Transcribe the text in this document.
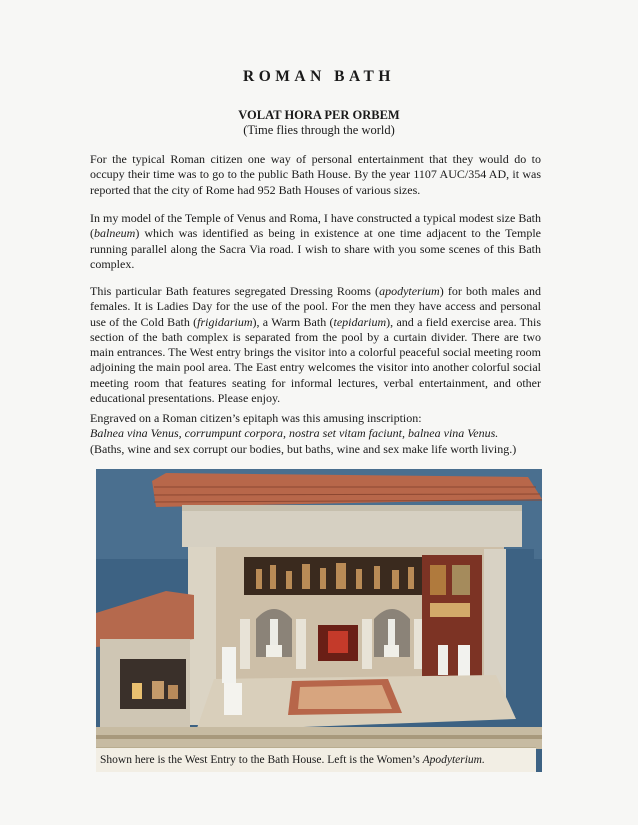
ROMAN BATH
VOLAT HORA PER ORBEM
(Time flies through the world)

For the typical Roman citizen one way of personal entertainment that they would do to occupy their time was to go to the public Bath House. By the year 1107 AUC/354 AD, it was reported that the city of Rome had 952 Bath Houses of various sizes.

In my model of the Temple of Venus and Roma, I have constructed a typical modest size Bath (balneum) which was identified as being in existence at one time adjacent to the Temple running parallel along the Sacra Via road. I wish to share with you some scenes of this Bath complex.

This particular Bath features segregated Dressing Rooms (apodyterium) for both males and females. It is Ladies Day for the use of the pool. For the men they have access and personal use of the Cold Bath (frigidarium), a Warm Bath (tepidarium), and a field exercise area. This section of the bath complex is separated from the pool by a curtain divider. There are two main entrances. The West entry brings the visitor into a colorful peaceful social meeting room adjoining the main pool area. The East entry welcomes the visitor into another colorful social meeting room that features seating for informal lectures, verbal entertainment, and other educational presentations. Please enjoy.

Engraved on a Roman citizen’s epitaph was this amusing inscription:
Balnea vina Venus, corrumpunt corpora, nostra set vitam faciunt, balnea vina Venus.
(Baths, wine and sex corrupt our bodies, but baths, wine and sex make life worth living.)
Shown here is the West Entry to the Bath House. Left is the Women’s Apodyterium.
